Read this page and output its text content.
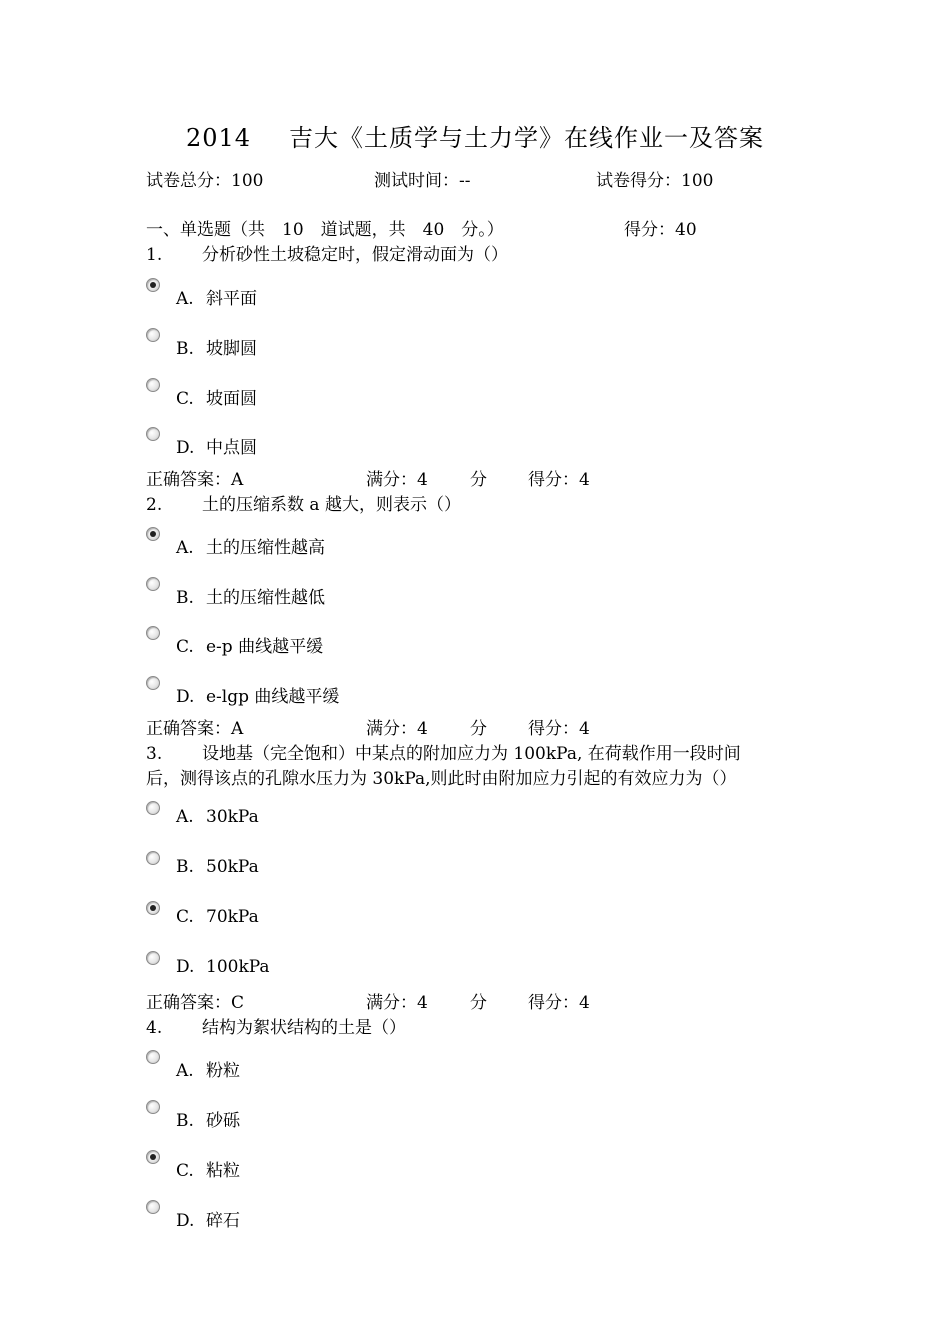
2014 吉大《土质学与土力学》在线作业一及答案
试卷总分：100	测试时间：--	试卷得分：100
一、单选题（共　10　道试题，共　40　分。）	得分：40
1. 分析砂性土坡稳定时，假定滑动面为（）
A. 斜平面
B. 坡脚圆
C. 坡面圆
D. 中点圆
正确答案：A	满分：4 分 得分：4
2. 土的压缩系数 a 越大，则表示（）
A. 土的压缩性越高
B. 土的压缩性越低
C. e-p 曲线越平缓
D. e-lgp 曲线越平缓
正确答案：A	满分：4 分 得分：4
3. 设地基（完全饱和）中某点的附加应力为 100kPa, 在荷载作用一段时间
后，测得该点的孔隙水压力为 30kPa,则此时由附加应力引起的有效应力为（）
A. 30kPa
B. 50kPa
C. 70kPa
D. 100kPa
正确答案：C	满分：4 分 得分：4
4. 结构为絮状结构的土是（）
A. 粉粒
B. 砂砾
C. 粘粒
D. 碎石
